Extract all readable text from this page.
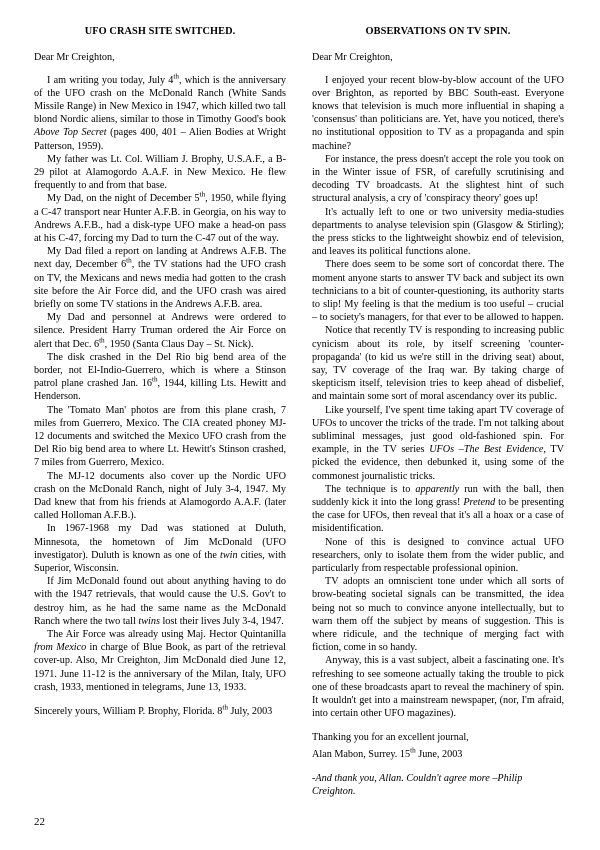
UFO CRASH SITE SWITCHED.

Dear Mr Creighton,

I am writing you today, July 4th, which is the anniversary of the UFO crash on the McDonald Ranch (White Sands Missile Range) in New Mexico in 1947, which killed two tall blond Nordic aliens, similar to those in Timothy Good's book Above Top Secret (pages 400, 401 – Alien Bodies at Wright Patterson, 1959).

My father was Lt. Col. William J. Brophy, U.S.A.F., a B-29 pilot at Alamogordo A.A.F. in New Mexico. He flew frequently to and from that base.

My Dad, on the night of December 5th, 1950, while flying a C-47 transport near Hunter A.F.B. in Georgia, on his way to Andrews A.F.B., had a disk-type UFO make a head-on pass at his C-47, forcing my Dad to turn the C-47 out of the way.

My Dad filed a report on landing at Andrews A.F.B. The next day, December 6th, the TV stations had the UFO crash on TV, the Mexicans and news media had gotten to the crash site before the Air Force did, and the UFO crash was aired briefly on some TV stations in the Andrews A.F.B. area.

My Dad and personnel at Andrews were ordered to silence. President Harry Truman ordered the Air Force on alert that Dec. 6th, 1950 (Santa Claus Day – St. Nick).

The disk crashed in the Del Rio big bend area of the border, not El-Indio-Guerrero, which is where a Stinson patrol plane crashed Jan. 16th, 1944, killing Lts. Hewitt and Henderson.

The 'Tomato Man' photos are from this plane crash, 7 miles from Guerrero, Mexico. The CIA created phoney MJ-12 documents and switched the Mexico UFO crash from the Del Rio big bend area to where Lt. Hewitt's Stinson crashed, 7 miles from Guerrero, Mexico.

The MJ-12 documents also cover up the Nordic UFO crash on the McDonald Ranch, night of July 3-4, 1947. My Dad knew that from his friends at Alamogordo A.A.F. (later called Holloman A.F.B.).

In 1967-1968 my Dad was stationed at Duluth, Minnesota, the hometown of Jim McDonald (UFO investigator). Duluth is known as one of the twin cities, with Superior, Wisconsin.

If Jim McDonald found out about anything having to do with the 1947 retrievals, that would cause the U.S. Gov't to destroy him, as he had the same name as the McDonald Ranch where the two tall twins lost their lives July 3-4, 1947.

The Air Force was already using Maj. Hector Quintanilla from Mexico in charge of Blue Book, as part of the retrieval cover-up. Also, Mr Creighton, Jim McDonald died June 12, 1971. June 11-12 is the anniversary of the Milan, Italy, UFO crash, 1933, mentioned in telegrams, June 13, 1933.

Sincerely yours, William P. Brophy, Florida. 8th July, 2003

OBSERVATIONS ON TV SPIN.

Dear Mr Creighton,

I enjoyed your recent blow-by-blow account of the UFO over Brighton, as reported by BBC South-east. Everyone knows that television is much more influential in shaping a 'consensus' than politicians are. Yet, have you noticed, there's no institutional opposition to TV as a propaganda and spin machine?

For instance, the press doesn't accept the role you took on in the Winter issue of FSR, of carefully scrutinising and decoding TV broadcasts. At the slightest hint of such structural analysis, a cry of 'conspiracy theory' goes up!

It's actually left to one or two university media-studies departments to analyse television spin (Glasgow & Stirling); the press sticks to the lightweight showbiz end of television, and leaves its political functions alone.

There does seem to be some sort of concordat there. The moment anyone starts to answer TV back and subject its own technicians to a bit of counter-questioning, its authority starts to slip! My feeling is that the medium is too useful – crucial – to society's managers, for that ever to be allowed to happen.

Notice that recently TV is responding to increasing public cynicism about its role, by itself screening 'counter-propaganda' (to kid us we're still in the driving seat) about, say, TV coverage of the Iraq war. By taking charge of skepticism itself, television tries to keep ahead of disbelief, and maintain some sort of moral ascendancy over its public.

Like yourself, I've spent time taking apart TV coverage of UFOs to uncover the tricks of the trade. I'm not talking about subliminal messages, just good old-fashioned spin. For example, in the TV series UFOs –The Best Evidence, TV picked the evidence, then debunked it, using some of the commonest journalistic tricks.

The technique is to apparently run with the ball, then suddenly kick it into the long grass! Pretend to be presenting the case for UFOs, then reveal that it's all a hoax or a case of misidentification.

None of this is designed to convince actual UFO researchers, only to isolate them from the wider public, and particularly from respectable professional opinion.

TV adopts an omniscient tone under which all sorts of brow-beating societal signals can be transmitted, the idea being not so much to convince anyone intellectually, but to warn them off the subject by means of suggestion. This is where ridicule, and the technique of merging fact with fiction, come in so handy.

Anyway, this is a vast subject, albeit a fascinating one. It's refreshing to see someone actually taking the trouble to pick one of these broadcasts apart to reveal the machinery of spin. It wouldn't get into a mainstream newspaper, (nor, I'm afraid, into certain other UFO magazines).

Thanking you for an excellent journal,

Alan Mabon, Surrey. 15th June, 2003

-And thank you, Allan. Couldn't agree more –Philip Creighton.

22
